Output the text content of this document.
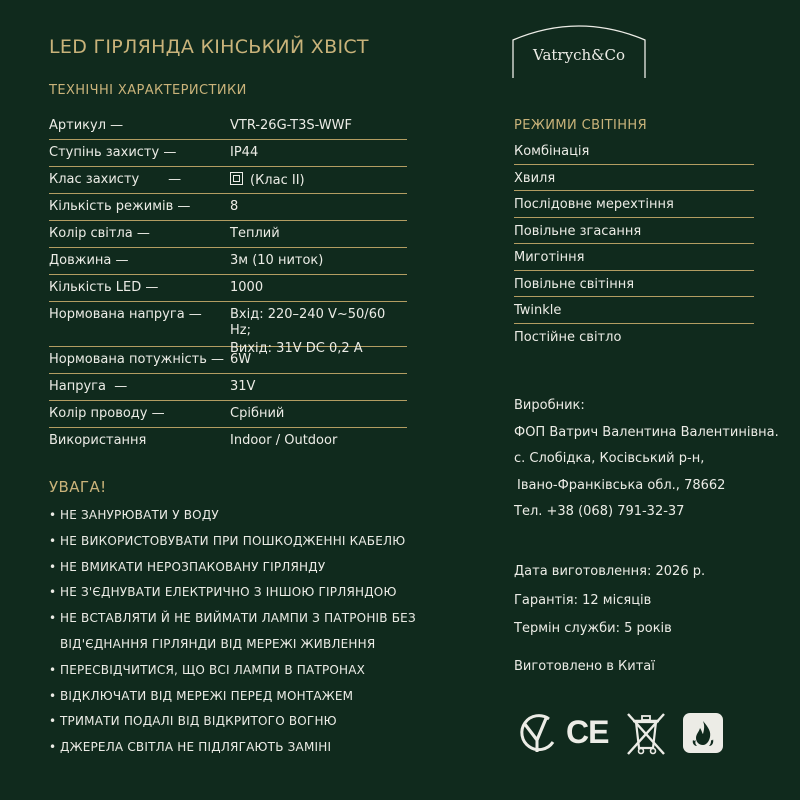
LED ГІРЛЯНДА КІНСЬКИЙ ХВІСТ	Vatrych&Co
ТЕХНІЧНІ ХАРАКТЕРИСТИКИ
Артикул —	VTR-26G-T3S-WWF
Ступінь захисту —	IP44
Клас захисту       —	(Клас II)
Кількість режимів —	8
Колір світла —	Теплий
Довжина —	3м (10 ниток)
Кількість LED —	1000
Нормована напруга —	Вхід: 220–240 V~50/60 Hz;
Вихід: 31V DC 0,2 A
Нормована потужність — 6W
Напруга  —	31V
Колір проводу —	Срібний
Використання	Indoor / Outdoor
УВАГА!
• НЕ ЗАНУРЮВАТИ У ВОДУ
• НЕ ВИКОРИСТОВУВАТИ ПРИ ПОШКОДЖЕННІ КАБЕЛЮ
• НЕ ВМИКАТИ НЕРОЗПАКОВАНУ ГІРЛЯНДУ
• НЕ З'ЄДНУВАТИ ЕЛЕКТРИЧНО З ІНШОЮ ГІРЛЯНДОЮ
• НЕ ВСТАВЛЯТИ Й НЕ ВИЙМАТИ ЛАМПИ З ПАТРОНІВ БЕЗ
ВІД'ЄДНАННЯ ГІРЛЯНДИ ВІД МЕРЕЖІ ЖИВЛЕННЯ
• ПЕРЕСВІДЧИТИСЯ, ЩО ВСІ ЛАМПИ В ПАТРОНАХ
• ВІДКЛЮЧАТИ ВІД МЕРЕЖІ ПЕРЕД МОНТАЖЕМ
• ТРИМАТИ ПОДАЛІ ВІД ВІДКРИТОГО ВОГНЮ
• ДЖЕРЕЛА СВІТЛА НЕ ПІДЛЯГАЮТЬ ЗАМІНІ
РЕЖИМИ СВІТІННЯ
Комбінація
Хвиля
Послідовне мерехтіння
Повільне згасання
Миготіння
Повільне світіння
Twinkle
Постійне світло
Виробник:
ФОП Ватрич Валентина Валентинівна.
с. Слобідка, Косівський р-н,
Івано-Франківська обл., 78662
Тел. +38 (068) 791-32-37
Дата виготовлення: 2026 р.
Гарантія: 12 місяців
Термін служби: 5 років
Виготовлено в Китаї
CE
